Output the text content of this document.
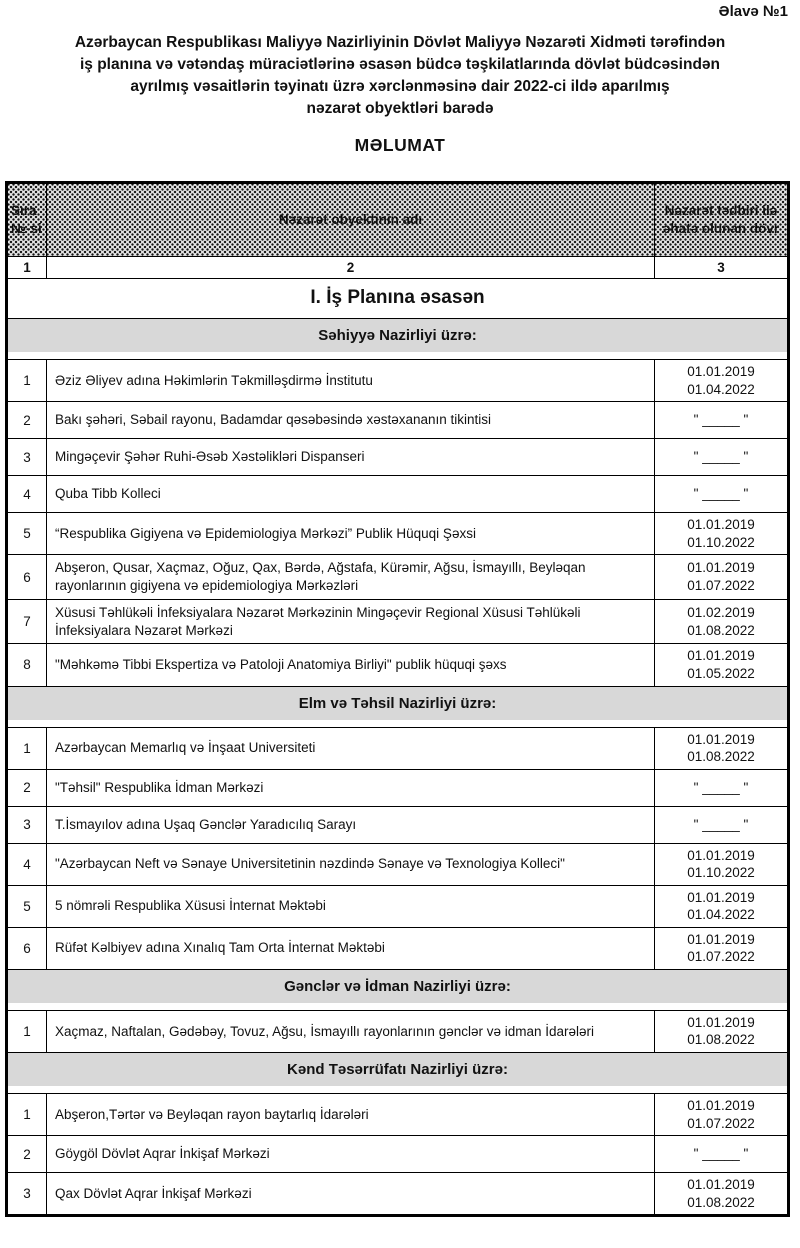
Əlavə №1
Azərbaycan Respublikası Maliyyə Nazirliyinin Dövlət Maliyyə Nəzarəti Xidməti tərəfindən
iş planına və vətəndaş müraciətlərinə əsasən büdcə təşkilatlarında dövlət büdcəsindən
ayrılmış vəsaitlərin təyinatı üzrə xərclənməsinə dair 2022-ci ildə aparılmış
nəzarət obyektləri barədə
MƏLUMAT
Sıra №-si	Nəzarət obyektinin adı	Nəzarət tədbiri ilə əhatə olunan dövr
1	2	3
I. İş Planına əsasən		

Səhiyyə Nazirliyi üzrə:		

1	Əziz Əliyev adına Həkimlərin Təkmilləşdirmə İnstitutu	01.01.2019
01.04.2022

2	Bakı şəhəri, Səbail rayonu, Badamdar qəsəbəsində xəstəxananın tikintisi	" _____ "

3	Mingəçevir Şəhər Ruhi-Əsəb Xəstəlikləri Dispanseri	" _____ "

4	Quba Tibb Kolleci	" _____ "

5	“Respublika Gigiyena və Epidemiologiya Mərkəzi” Publik Hüquqi Şəxsi	01.01.2019
01.10.2022

6	Abşeron, Qusar, Xaçmaz, Oğuz, Qax, Bərdə, Ağstafa, Kürəmir, Ağsu, İsmayıllı, Beyləqan rayonlarının gigiyena və epidemiologiya Mərkəzləri	01.01.2019
01.07.2022

7	Xüsusi Təhlükəli İnfeksiyalara Nəzarət Mərkəzinin Mingəçevir Regional Xüsusi Təhlükəli İnfeksiyalara Nəzarət Mərkəzi	01.02.2019
01.08.2022

8	"Məhkəmə Tibbi Ekspertiza və Patoloji Anatomiya Birliyi" publik hüquqi şəxs	01.01.2019
01.05.2022

Elm və Təhsil Nazirliyi üzrə:		

1	Azərbaycan Memarlıq və İnşaat Universiteti	01.01.2019
01.08.2022

2	"Təhsil" Respublika İdman Mərkəzi	" _____ "

3	T.İsmayılov adına Uşaq Gənclər Yaradıcılıq Sarayı	" _____ "

4	"Azərbaycan Neft və Sənaye Universitetinin nəzdində Sənaye və Texnologiya Kolleci"	01.01.2019
01.10.2022

5	5 nömrəli Respublika Xüsusi İnternat Məktəbi	01.01.2019
01.04.2022

6	Rüfət Kəlbiyev adına Xınalıq Tam Orta İnternat Məktəbi	01.01.2019
01.07.2022

Gənclər və İdman Nazirliyi üzrə:		

1	Xaçmaz, Naftalan, Gədəbəy, Tovuz, Ağsu, İsmayıllı rayonlarının gənclər və idman İdarələri	01.01.2019
01.08.2022

Kənd Təsərrüfatı Nazirliyi üzrə:		

1	Abşeron,Tərtər və Beyləqan rayon baytarlıq İdarələri	01.01.2019
01.07.2022

2	Göygöl Dövlət Aqrar İnkişaf Mərkəzi	" _____ "

3	Qax Dövlət Aqrar İnkişaf Mərkəzi	01.01.2019
01.08.2022
